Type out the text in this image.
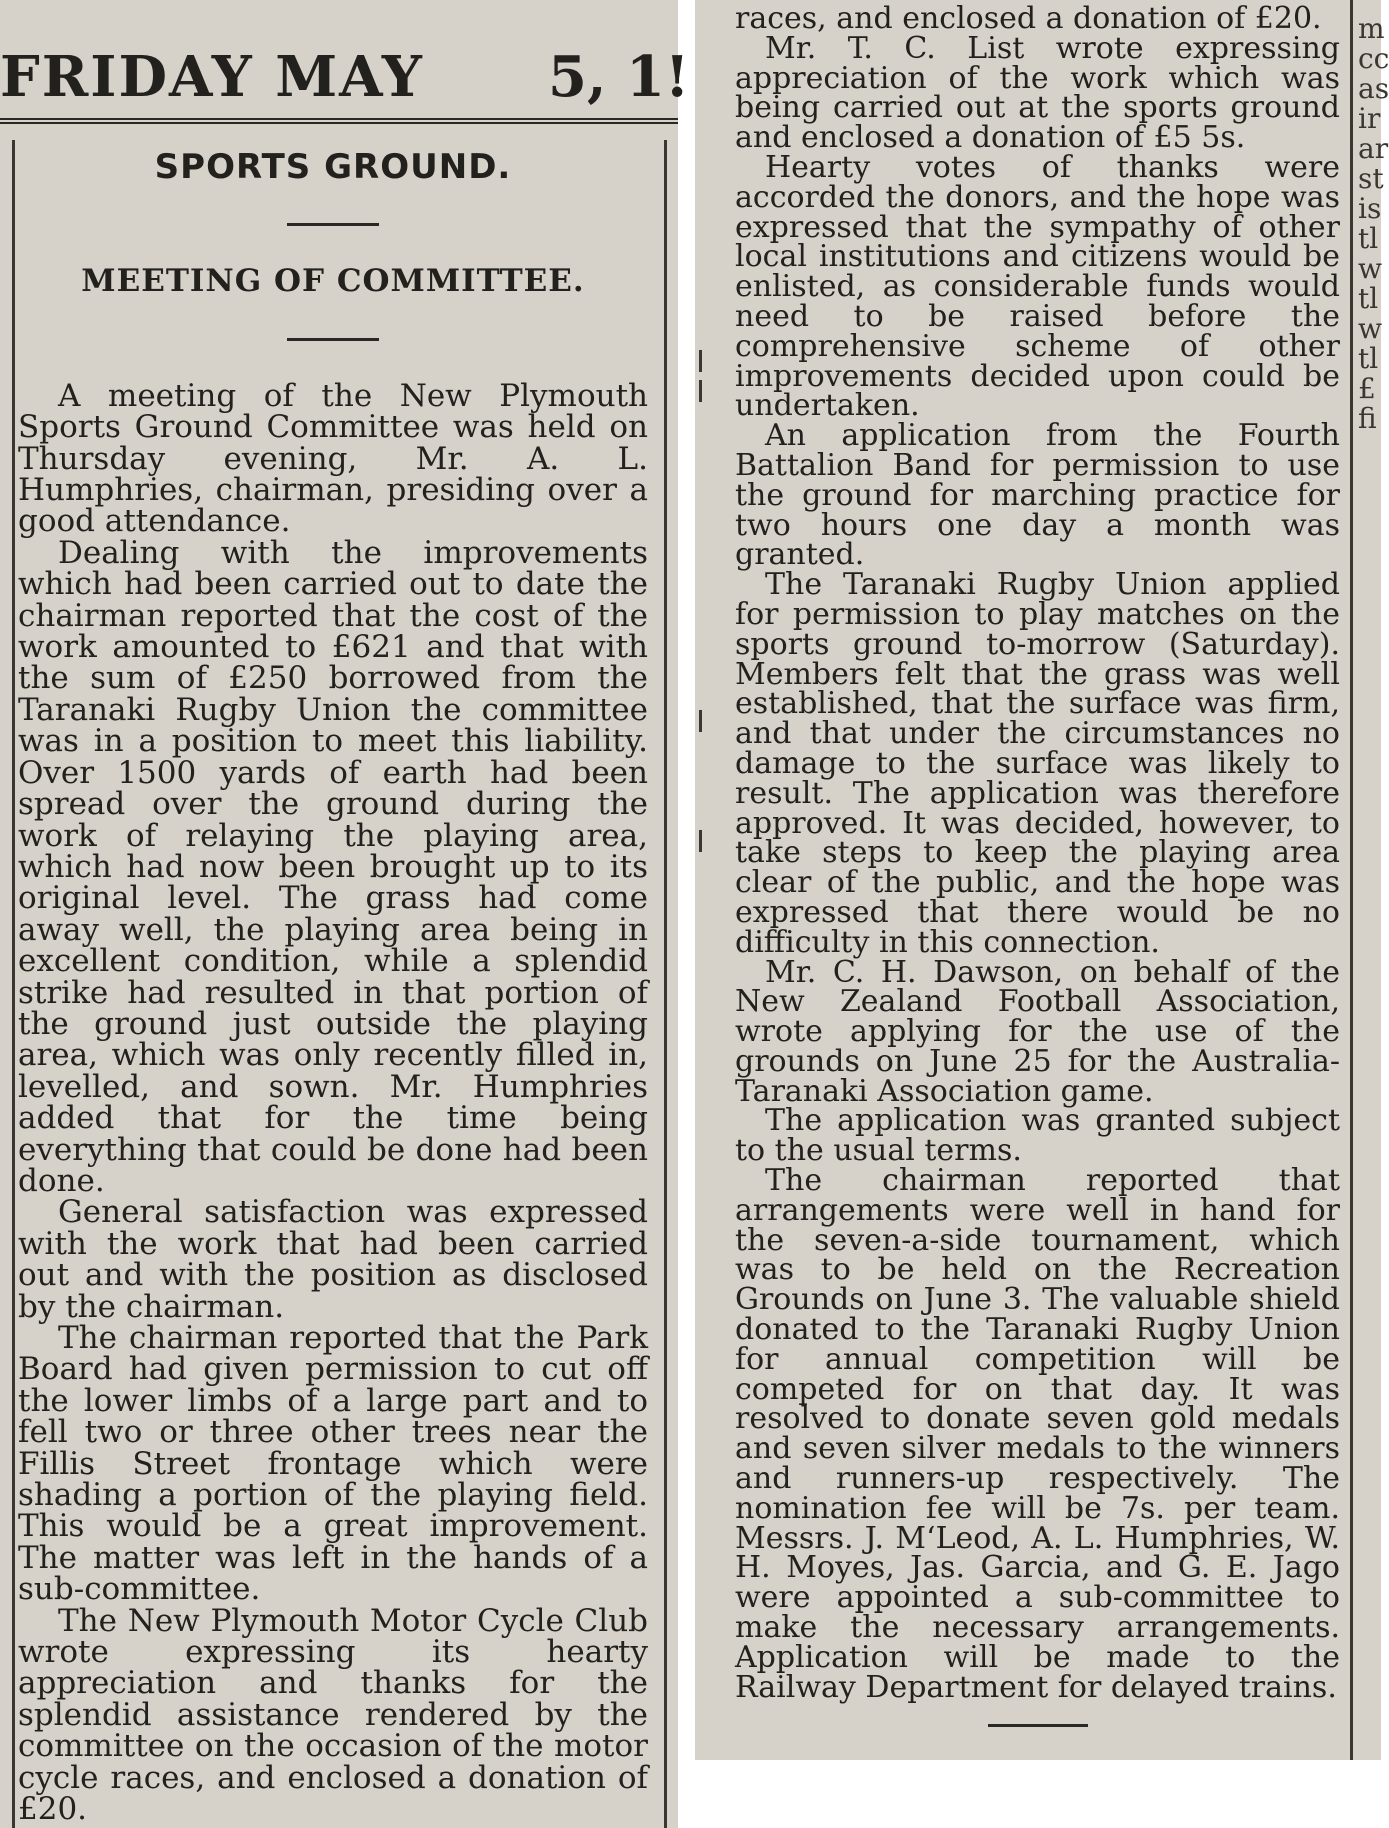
FRIDAY MAY 5, 1!
SPORTS GROUND.
MEETING OF COMMITTEE.

A meeting of the New Plymouth Sports Ground Committee was held on Thursday evening, Mr. A. L. Humphries, chairman, presiding over a good attendance.

Dealing with the improvements which had been carried out to date the chairman reported that the cost of the work amounted to £621 and that with the sum of £250 borrowed from the Taranaki Rugby Union the committee was in a position to meet this liability. Over 1500 yards of earth had been spread over the ground during the work of relaying the playing area, which had now been brought up to its original level. The grass had come away well, the playing area being in excellent condition, while a splendid strike had resulted in that portion of the ground just outside the playing area, which was only recently filled in, levelled, and sown. Mr. Humphries added that for the time being everything that could be done had been done.

General satisfaction was expressed with the work that had been carried out and with the position as disclosed by the chairman.

The chairman reported that the Park Board had given permission to cut off the lower limbs of a large part and to fell two or three other trees near the Fillis Street frontage which were shading a portion of the playing field. This would be a great improvement. The matter was left in the hands of a sub-committee.

The New Plymouth Motor Cycle Club wrote expressing its hearty appreciation and thanks for the splendid assistance rendered by the committee on the occasion of the motor cycle races, and enclosed a donation of £20.

races, and enclosed a donation of £20.

Mr. T. C. List wrote expressing appreciation of the work which was being carried out at the sports ground and enclosed a donation of £5 5s.

Hearty votes of thanks were accorded the donors, and the hope was expressed that the sympathy of other local institutions and citizens would be enlisted, as considerable funds would need to be raised before the comprehensive scheme of other improvements decided upon could be undertaken.

An application from the Fourth Battalion Band for permission to use the ground for marching practice for two hours one day a month was granted.

The Taranaki Rugby Union applied for permission to play matches on the sports ground to-morrow (Saturday). Members felt that the grass was well established, that the surface was firm, and that under the circumstances no damage to the surface was likely to result. The application was therefore approved. It was decided, however, to take steps to keep the playing area clear of the public, and the hope was expressed that there would be no difficulty in this connection.

Mr. C. H. Dawson, on behalf of the New Zealand Football Association, wrote applying for the use of the grounds on June 25 for the Australia-Taranaki Association game.

The application was granted subject to the usual terms.

The chairman reported that arrangements were well in hand for the seven-a-side tournament, which was to be held on the Recreation Grounds on June 3. The valuable shield donated to the Taranaki Rugby Union for annual competition will be competed for on that day. It was resolved to donate seven gold medals and seven silver medals to the winners and runners-up respectively. The nomination fee will be 7s. per team. Messrs. J. M‘Leod, A. L. Humphries, W. H. Moyes, Jas. Garcia, and G. E. Jago were appointed a sub-committee to make the necessary arrangements. Application will be made to the Railway Department for delayed trains.

m
cc
as
ir
ar
st
is
tl
w
tl
w
tl
£
fi
